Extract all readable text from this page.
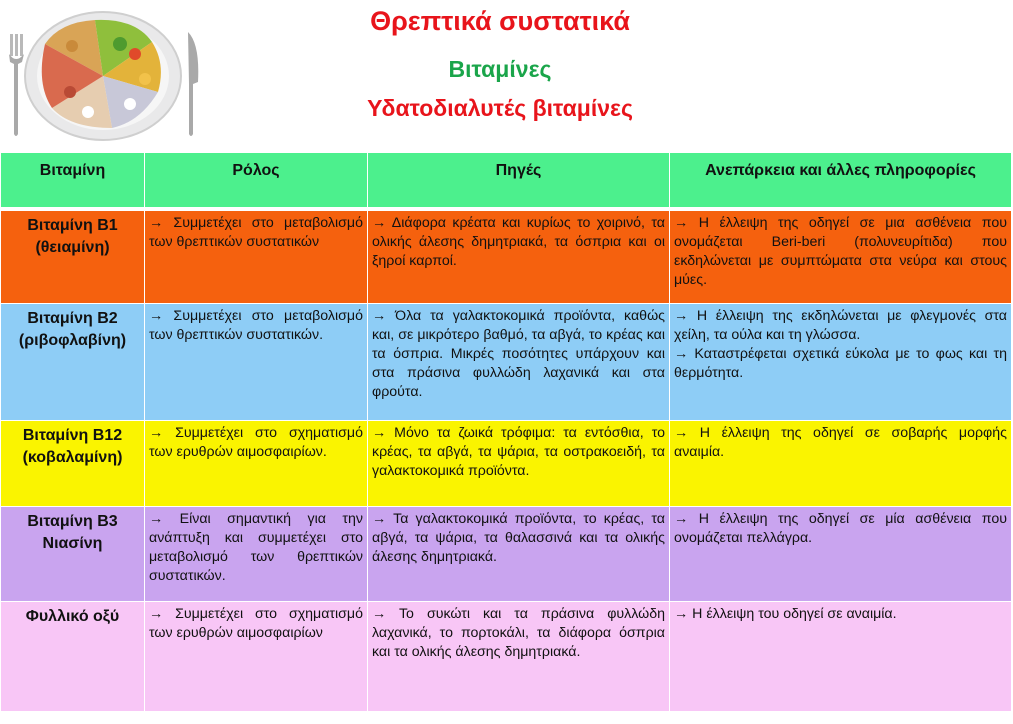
Θρεπτικά συστατικά
Βιταμίνες
Υδατοδιαλυτές βιταμίνες
Βιταμίνη	Ρόλος	Πηγές	Ανεπάρκεια και άλλες πληροφορίες

Βιταμίνη Β1
(θειαμίνη)	→ Συμμετέχει στο μεταβολισμό των θρεπτικών συστατικών	→ Διάφορα κρέατα και κυρίως το χοιρινό, τα ολικής άλεσης δημητριακά, τα όσπρια και οι ξηροί καρποί.	→ Η έλλειψη της οδηγεί σε μια ασθένεια που ονομάζεται Beri-beri (πολυνευρίτιδα) που εκδηλώνεται με συμπτώματα στα νεύρα και στους μύες.
Βιταμίνη Β2
(ριβοφλαβίνη)	→ Συμμετέχει στο μεταβολισμό των θρεπτικών συστατικών.	→ Όλα τα γαλακτοκομικά προϊόντα, καθώς και, σε μικρότερο βαθμό, τα αβγά, το κρέας και τα όσπρια. Μικρές ποσότητες υπάρχουν και στα πράσινα φυλλώδη λαχανικά και στα φρούτα.	→ Η έλλειψη της εκδηλώνεται με φλεγμονές στα χείλη, τα ούλα και τη γλώσσα.
→ Καταστρέφεται σχετικά εύκολα με το φως και τη θερμότητα.
Βιταμίνη Β12
(κοβαλαμίνη)	→ Συμμετέχει στο σχηματισμό των ερυθρών αιμοσφαιρίων.	→ Μόνο τα ζωικά τρόφιμα: τα εντόσθια, το κρέας, τα αβγά, τα ψάρια, τα οστρακοειδή, τα γαλακτοκομικά προϊόντα.	→ Η έλλειψη της οδηγεί σε σοβαρής μορφής αναιμία.
Βιταμίνη Β3
Νιασίνη	→ Είναι σημαντική για την ανάπτυξη και συμμετέχει στο μεταβολισμό των θρεπτικών συστατικών.	→ Τα γαλακτοκομικά προϊόντα, το κρέας, τα αβγά, τα ψάρια, τα θαλασσινά και τα ολικής άλεσης δημητριακά.	→ Η έλλειψη της οδηγεί σε μία ασθένεια που ονομάζεται πελλάγρα.
Φυλλικό οξύ	→ Συμμετέχει στο σχηματισμό των ερυθρών αιμοσφαιρίων	→ Το συκώτι και τα πράσινα φυλλώδη λαχανικά, το πορτοκάλι, τα διάφορα όσπρια και τα ολικής άλεσης δημητριακά.	→ Η έλλειψη του οδηγεί σε αναιμία.
